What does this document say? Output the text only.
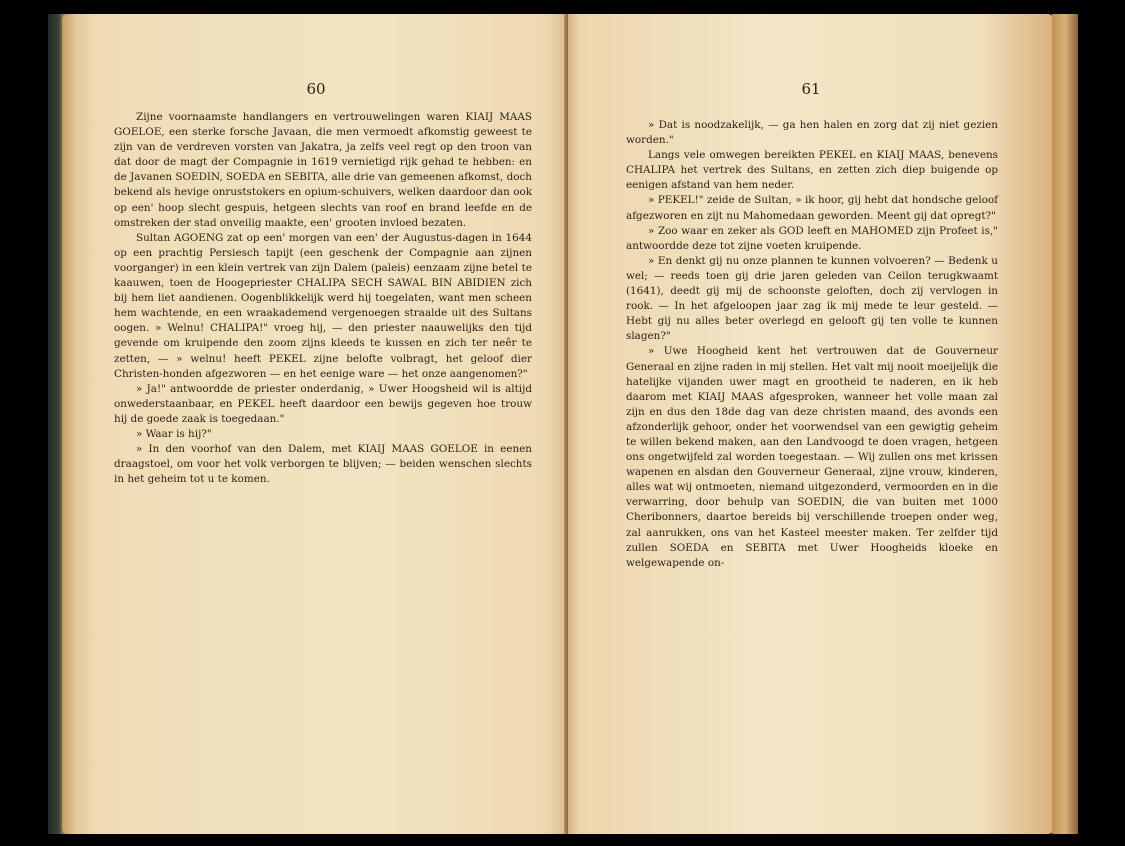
60

Zijne voornaamste handlangers en vertrouwelingen waren KIAIJ MAAS GOELOE, een sterke forsche Javaan, die men vermoedt afkomstig geweest te zijn van de verdreven vorsten van Jakatra, ja zelfs veel regt op den troon van dat door de magt der Compagnie in 1619 vernietigd rijk gehad te hebben: en de Javanen SOEDIN, SOEDA en SEBITA, alle drie van gemeenen afkomst, doch bekend als hevige onruststokers en opium-schuivers, welken daardoor dan ook op een' hoop slecht gespuis, hetgeen slechts van roof en brand leefde en de omstreken der stad onveilig maakte, een' grooten invloed bezaten.

Sultan AGOENG zat op een' morgen van een' der Augustus-dagen in 1644 op een prachtig Persiesch tapijt (een geschenk der Compagnie aan zijnen voorganger) in een klein vertrek van zijn Dalem (paleis) eenzaam zijne betel te kaauwen, toen de Hoogepriester CHALIPA SECH SAWAL BIN ABIDIEN zich bij hem liet aandienen. Oogenblikkelijk werd hij toegelaten, want men scheen hem wachtende, en een wraakademend vergenoegen straalde uit des Sultans oogen. » Welnu! CHALIPA!" vroeg hij, — den priester naauwelijks den tijd gevende om kruipende den zoom zijns kleeds te kussen en zich ter neêr te zetten, — » welnu! heeft PEKEL zijne belofte volbragt, het geloof dier Christen-honden afgezworen — en het eenige ware — het onze aangenomen?"

» Ja!" antwoordde de priester onderdanig, » Uwer Hoogsheid wil is altijd onwederstaanbaar, en PEKEL heeft daardoor een bewijs gegeven hoe trouw hij de goede zaak is toegedaan."

» Waar is hij?"

» In den voorhof van den Dalem, met KIAIJ MAAS GOELOE in eenen draagstoel, om voor het volk verborgen te blijven; — beiden wenschen slechts in het geheim tot u te komen.

61

» Dat is noodzakelijk, — ga hen halen en zorg dat zij niet gezien worden."

Langs vele omwegen bereikten PEKEL en KIAIJ MAAS, benevens CHALIPA het vertrek des Sultans, en zetten zich diep buigende op eenigen afstand van hem neder.

» PEKEL!" zeide de Sultan, » ik hoor, gij hebt dat hondsche geloof afgezworen en zijt nu Mahomedaan geworden. Meent gij dat opregt?"

» Zoo waar en zeker als GOD leeft en MAHOMED zijn Profeet is," antwoordde deze tot zijne voeten kruipende.

» En denkt gij nu onze plannen te kunnen volvoeren? — Bedenk u wel; — reeds toen gij drie jaren geleden van Ceilon terugkwaamt (1641), deedt gij mij de schoonste geloften, doch zij vervlogen in rook. — In het afgeloopen jaar zag ik mij mede te leur gesteld. — Hebt gij nu alles beter overlegd en gelooft gij ten volle te kunnen slagen?"

» Uwe Hoogheid kent het vertrouwen dat de Gouverneur Generaal en zijne raden in mij stellen. Het valt mij nooit moeijelijk die hatelijke vijanden uwer magt en grootheid te naderen, en ik heb daarom met KIAIJ MAAS afgesproken, wanneer het volle maan zal zijn en dus den 18de dag van deze christen maand, des avonds een afzonderlijk gehoor, onder het voorwendsel van een gewigtig geheim te willen bekend maken, aan den Landvoogd te doen vragen, hetgeen ons ongetwijfeld zal worden toegestaan. — Wij zullen ons met krissen wapenen en alsdan den Gouverneur Generaal, zijne vrouw, kinderen, alles wat wij ontmoeten, niemand uitgezonderd, vermoorden en in die verwarring, door behulp van SOEDIN, die van buiten met 1000 Cheribonners, daartoe bereids bij verschillende troepen onder weg, zal aanrukken, ons van het Kasteel meester maken. Ter zelfder tijd zullen SOEDA en SEBITA met Uwer Hoogheids kloeke en welgewapende on-
